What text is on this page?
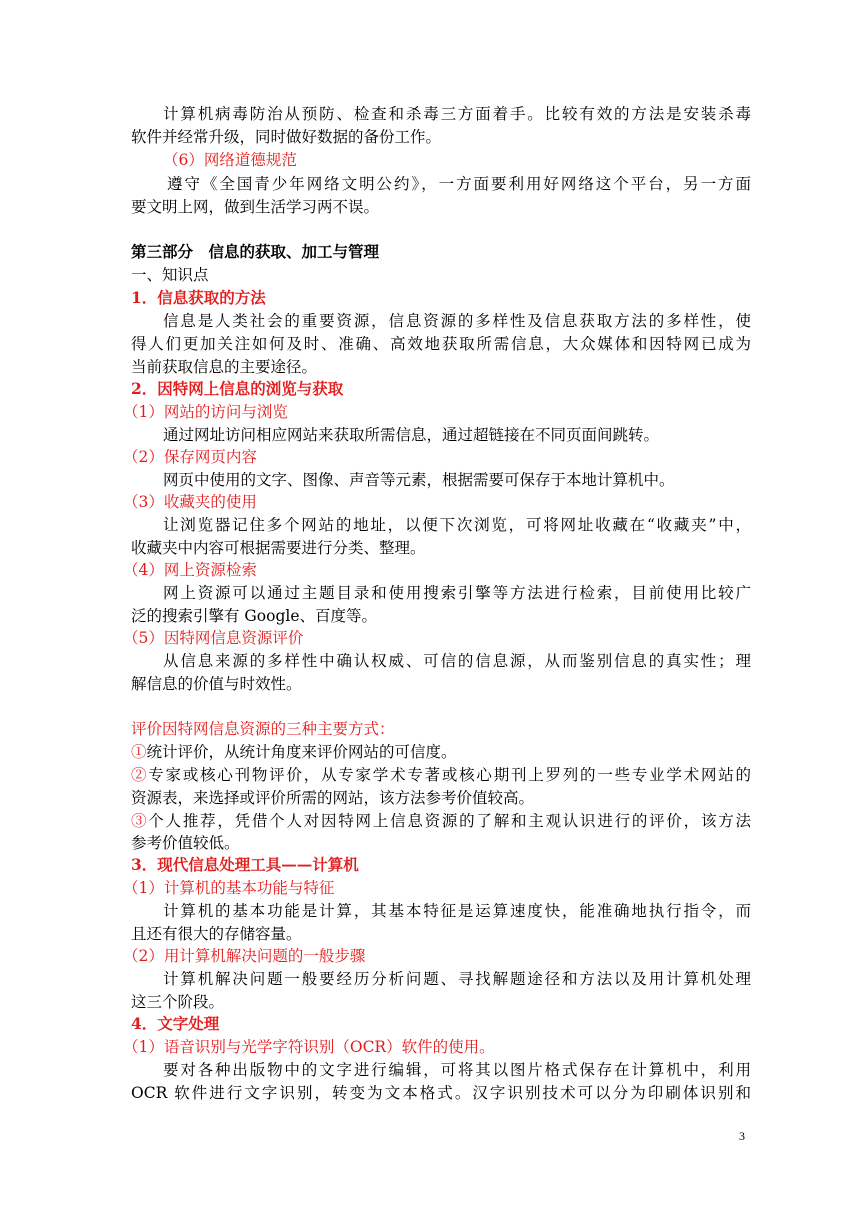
计算机病毒防治从预防、检查和杀毒三方面着手。比较有效的方法是安装杀毒
软件并经常升级，同时做好数据的备份工作。
（6）网络道德规范
遵守《全国青少年网络文明公约》，一方面要利用好网络这个平台，另一方面
要文明上网，做到生活学习两不误。
第三部分　信息的获取、加工与管理
一、知识点
1．信息获取的方法
信息是人类社会的重要资源，信息资源的多样性及信息获取方法的多样性，使
得人们更加关注如何及时、准确、高效地获取所需信息，大众媒体和因特网已成为
当前获取信息的主要途径。
2．因特网上信息的浏览与获取
（1）网站的访问与浏览
通过网址访问相应网站来获取所需信息，通过超链接在不同页面间跳转。
（2）保存网页内容
网页中使用的文字、图像、声音等元素，根据需要可保存于本地计算机中。
（3）收藏夹的使用
让浏览器记住多个网站的地址，以便下次浏览，可将网址收藏在“收藏夹”中，
收藏夹中内容可根据需要进行分类、整理。
（4）网上资源检索
网上资源可以通过主题目录和使用搜索引擎等方法进行检索，目前使用比较广
泛的搜索引擎有 Google、百度等。
（5）因特网信息资源评价
从信息来源的多样性中确认权威、可信的信息源，从而鉴别信息的真实性；理
解信息的价值与时效性。
评价因特网信息资源的三种主要方式：
①统计评价，从统计角度来评价网站的可信度。
②专家或核心刊物评价，从专家学术专著或核心期刊上罗列的一些专业学术网站的
资源表，来选择或评价所需的网站，该方法参考价值较高。
③个人推荐，凭借个人对因特网上信息资源的了解和主观认识进行的评价，该方法
参考价值较低。
3．现代信息处理工具——计算机
（1）计算机的基本功能与特征
计算机的基本功能是计算，其基本特征是运算速度快，能准确地执行指令，而
且还有很大的存储容量。
（2）用计算机解决问题的一般步骤
计算机解决问题一般要经历分析问题、寻找解题途径和方法以及用计算机处理
这三个阶段。
4．文字处理
（1）语音识别与光学字符识别（OCR）软件的使用。
要对各种出版物中的文字进行编辑，可将其以图片格式保存在计算机中，利用
OCR 软件进行文字识别，转变为文本格式。汉字识别技术可以分为印刷体识别和
3
